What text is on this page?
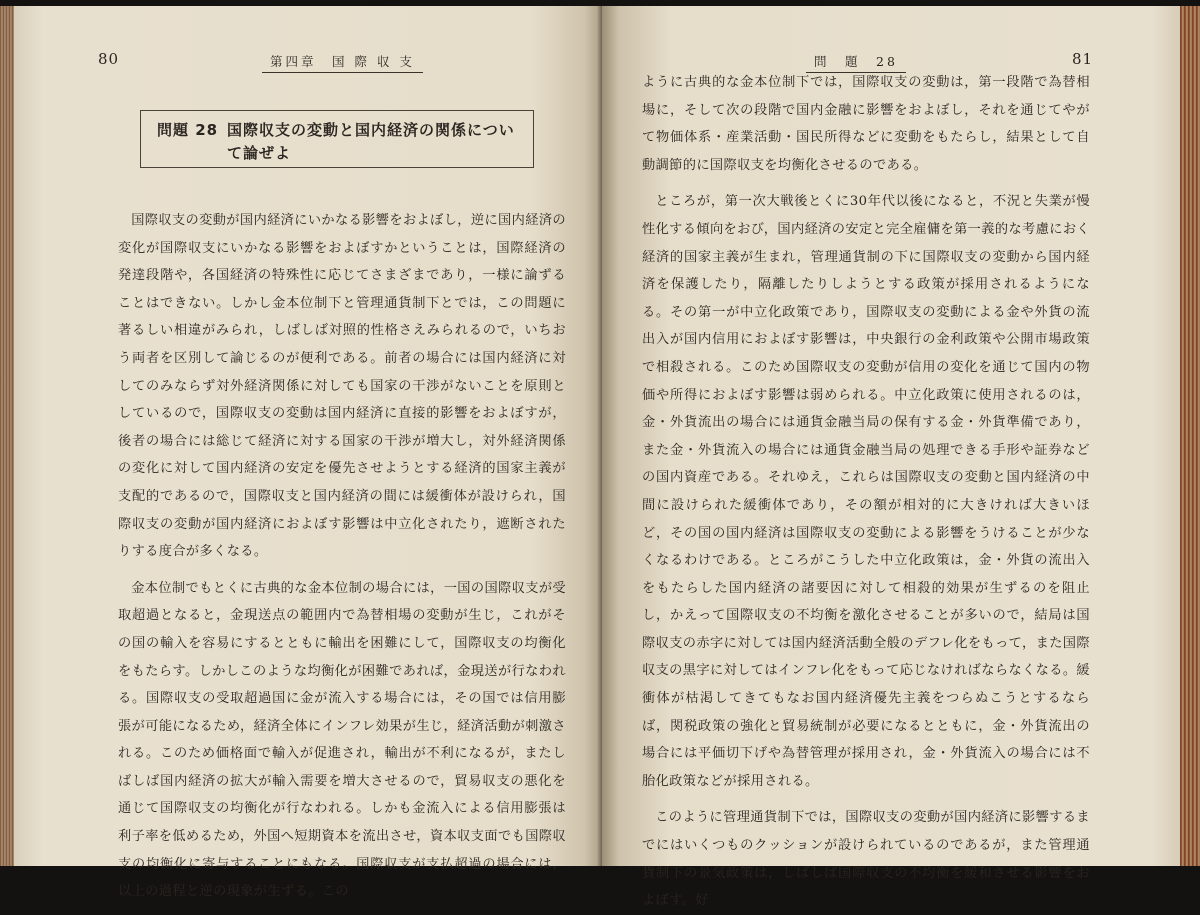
80	第四章　国 際 収 支
問題 28 国際収支の変動と国内経済の関係について論ぜよ

国際収支の変動が国内経済にいかなる影響をおよぼし，逆に国内経済の変化が国際収支にいかなる影響をおよぼすかということは，国際経済の発達段階や，各国経済の特殊性に応じてさまざまであり，一様に論ずることはできない。しかし金本位制下と管理通貨制下とでは，この問題に著るしい相違がみられ，しばしば対照的性格さえみられるので，いちおう両者を区別して論じるのが便利である。前者の場合には国内経済に対してのみならず対外経済関係に対しても国家の干渉がないことを原則としているので，国際収支の変動は国内経済に直接的影響をおよぼすが，後者の場合には総じて経済に対する国家の干渉が増大し，対外経済関係の変化に対して国内経済の安定を優先させようとする経済的国家主義が支配的であるので，国際収支と国内経済の間には緩衝体が設けられ，国際収支の変動が国内経済におよぼす影響は中立化されたり，遮断されたりする度合が多くなる。

金本位制でもとくに古典的な金本位制の場合には，一国の国際収支が受取超過となると，金現送点の範囲内で為替相場の変動が生じ，これがその国の輸入を容易にするとともに輸出を困難にして，国際収支の均衡化をもたらす。しかしこのような均衡化が困難であれば，金現送が行なわれる。国際収支の受取超過国に金が流入する場合には，その国では信用膨張が可能になるため，経済全体にインフレ効果が生じ，経済活動が刺激される。このため価格面で輸入が促進され，輸出が不利になるが，またしばしば国内経済の拡大が輸入需要を増大させるので，貿易収支の悪化を通じて国際収支の均衡化が行なわれる。しかも金流入による信用膨張は利子率を低めるため，外国へ短期資本を流出させ，資本収支面でも国際収支の均衡化に寄与することにもなる。国際収支が支払超過の場合には，以上の過程と逆の現象が生ずる。この

問　題　28	81

ように古典的な金本位制下では，国際収支の変動は，第一段階で為替相場に，そして次の段階で国内金融に影響をおよぼし，それを通じてやがて物価体系・産業活動・国民所得などに変動をもたらし，結果として自動調節的に国際収支を均衡化させるのである。

ところが，第一次大戦後とくに30年代以後になると，不況と失業が慢性化する傾向をおび，国内経済の安定と完全雇傭を第一義的な考慮におく経済的国家主義が生まれ，管理通貨制の下に国際収支の変動から国内経済を保護したり，隔離したりしようとする政策が採用されるようになる。その第一が中立化政策であり，国際収支の変動による金や外貨の流出入が国内信用におよぼす影響は，中央銀行の金利政策や公開市場政策で相殺される。このため国際収支の変動が信用の変化を通じて国内の物価や所得におよぼす影響は弱められる。中立化政策に使用されるのは，金・外貨流出の場合には通貨金融当局の保有する金・外貨準備であり，また金・外貨流入の場合には通貨金融当局の処理できる手形や証券などの国内資産である。それゆえ，これらは国際収支の変動と国内経済の中間に設けられた緩衝体であり，その額が相対的に大きければ大きいほど，その国の国内経済は国際収支の変動による影響をうけることが少なくなるわけである。ところがこうした中立化政策は，金・外貨の流出入をもたらした国内経済の諸要因に対して相殺的効果が生ずるのを阻止し，かえって国際収支の不均衡を激化させることが多いので，結局は国際収支の赤字に対しては国内経済活動全般のデフレ化をもって，また国際収支の黒字に対してはインフレ化をもって応じなければならなくなる。緩衝体が枯渇してきてもなお国内経済優先主義をつらぬこうとするならば，関税政策の強化と貿易統制が必要になるとともに，金・外貨流出の場合には平価切下げや為替管理が採用され，金・外貨流入の場合には不胎化政策などが採用される。

このように管理通貨制下では，国際収支の変動が国内経済に影響するまでにはいくつものクッションが設けられているのであるが，また管理通貨制下の景気政策は，しばしば国際収支の不均衡を緩和させる影響をおよぼす。好
